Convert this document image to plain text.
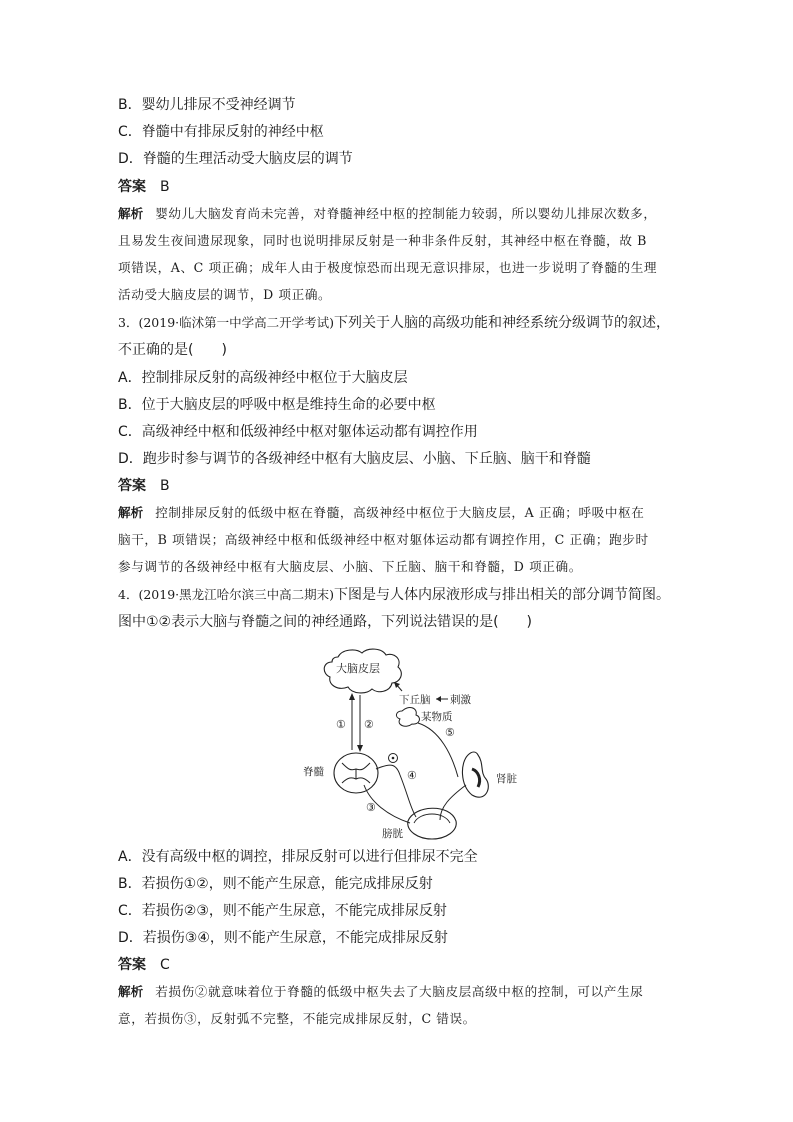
B．婴幼儿排尿不受神经调节
C．脊髓中有排尿反射的神经中枢
D．脊髓的生理活动受大脑皮层的调节
答案 B
解析 婴幼儿大脑发育尚未完善，对脊髓神经中枢的控制能力较弱，所以婴幼儿排尿次数多，
且易发生夜间遗尿现象，同时也说明排尿反射是一种非条件反射，其神经中枢在脊髓，故 B
项错误，A、C 项正确；成年人由于极度惊恐而出现无意识排尿，也进一步说明了脊髓的生理
活动受大脑皮层的调节，D 项正确。
3．(2019·临沭第一中学高二开学考试)下列关于人脑的高级功能和神经系统分级调节的叙述，
不正确的是(　　)
A．控制排尿反射的高级神经中枢位于大脑皮层
B．位于大脑皮层的呼吸中枢是维持生命的必要中枢
C．高级神经中枢和低级神经中枢对躯体运动都有调控作用
D．跑步时参与调节的各级神经中枢有大脑皮层、小脑、下丘脑、脑干和脊髓
答案 B
解析 控制排尿反射的低级中枢在脊髓，高级神经中枢位于大脑皮层，A 正确；呼吸中枢在
脑干，B 项错误；高级神经中枢和低级神经中枢对躯体运动都有调控作用，C 正确；跑步时
参与调节的各级神经中枢有大脑皮层、小脑、下丘脑、脑干和脊髓，D 项正确。
4．(2019·黑龙江哈尔滨三中高二期末)下图是与人体内尿液形成与排出相关的部分调节简图。
图中①②表示大脑与脊髓之间的神经通路，下列说法错误的是(　　)
大脑皮层
下丘脑 刺激
某物质
⑤
① ②
脊髓	④
③
肾脏
膀胱
A．没有高级中枢的调控，排尿反射可以进行但排尿不完全
B．若损伤①②，则不能产生尿意，能完成排尿反射
C．若损伤②③，则不能产生尿意，不能完成排尿反射
D．若损伤③④，则不能产生尿意，不能完成排尿反射
答案 C
解析 若损伤②就意味着位于脊髓的低级中枢失去了大脑皮层高级中枢的控制，可以产生尿
意，若损伤③，反射弧不完整，不能完成排尿反射，C 错误。
